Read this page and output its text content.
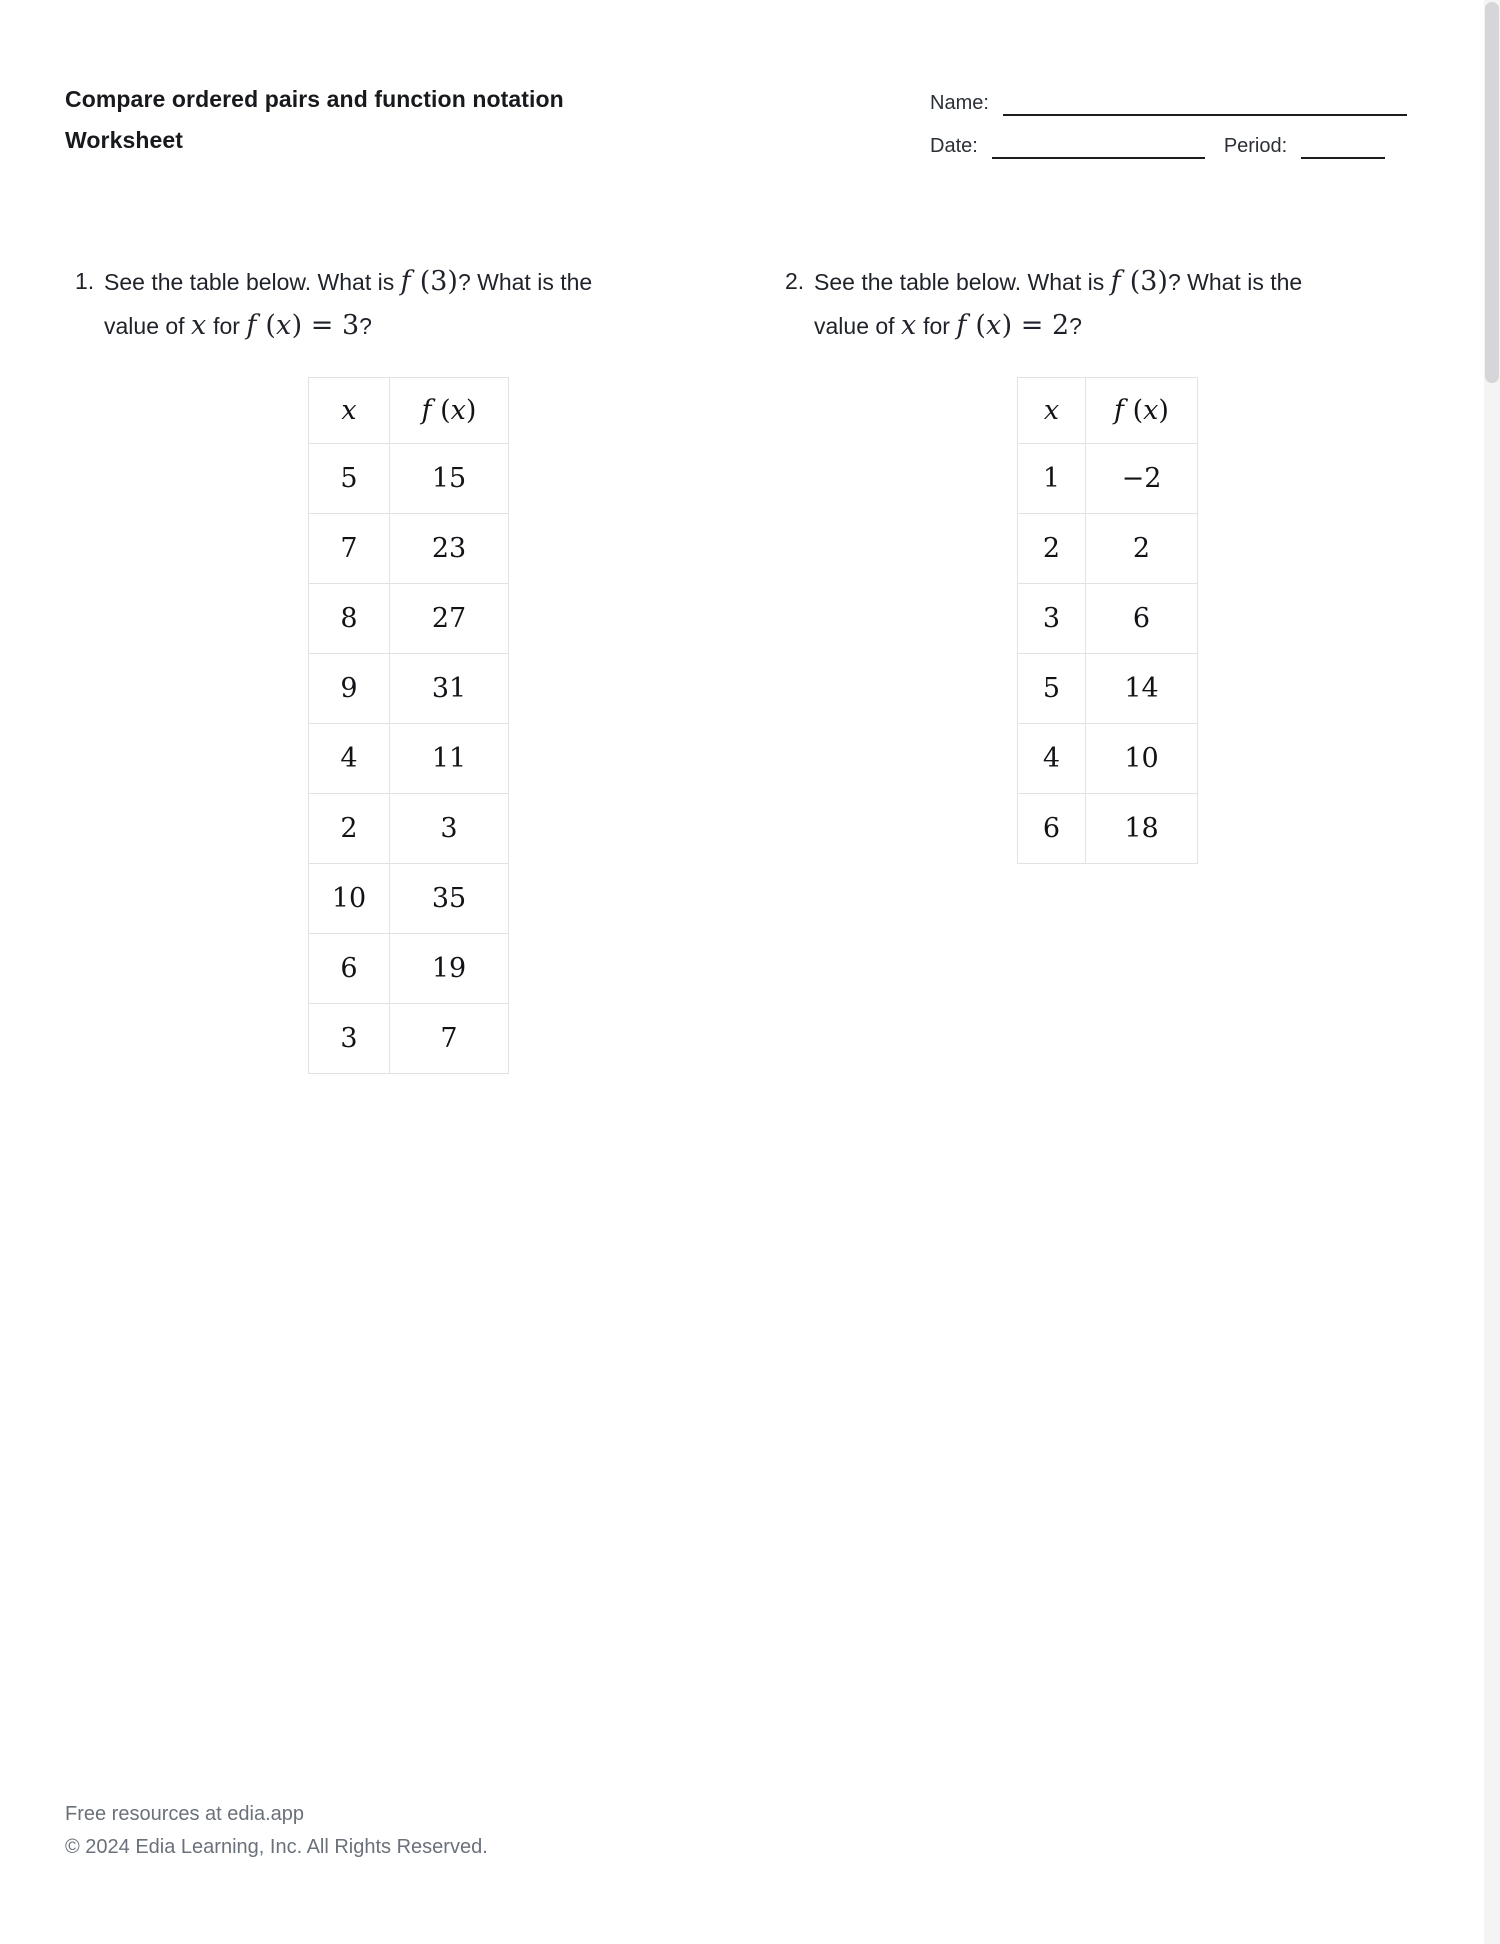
Compare ordered pairs and function notation
Worksheet
Name:
Date:	Period:
1. See the table below. What is f (3)? What is the
value of x for f (x) = 3?
2. See the table below. What is f (3)? What is the
value of x for f (x) = 2?
x	f (x)
5	15
7	23
8	27
9	31
4	11
2	3
10	35
6	19
3	7
x	f (x)
1	−2
2	2
3	6
5	14
4	10
6	18
Free resources at edia.app
© 2024 Edia Learning, Inc. All Rights Reserved.
